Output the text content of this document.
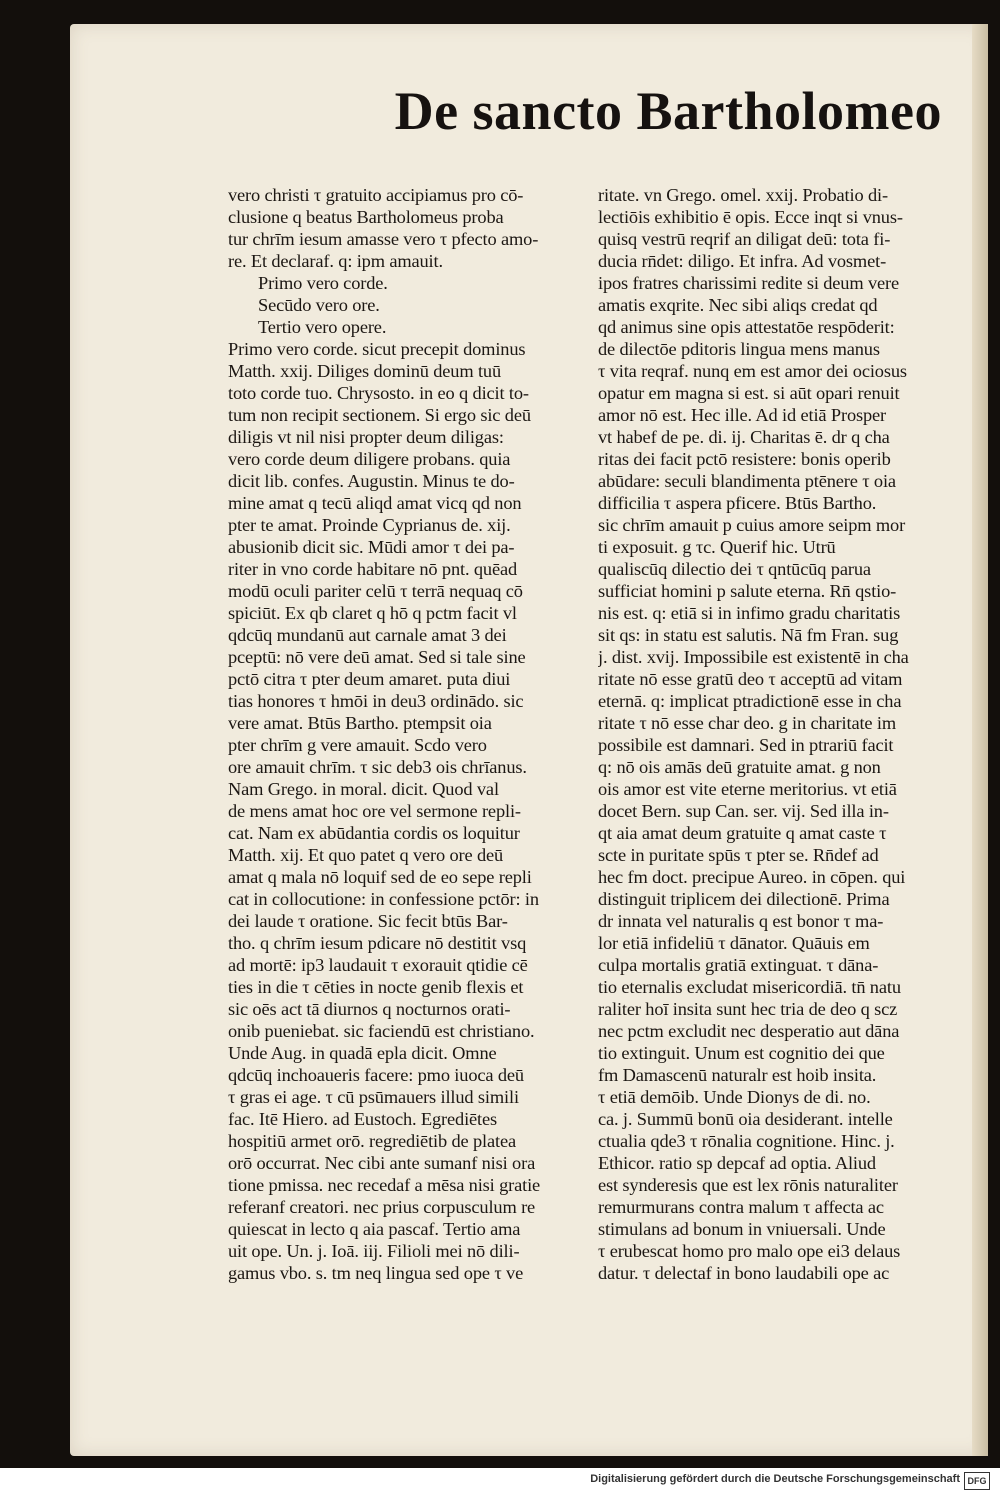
De sancto Bartholomeo
vero christi τ gratuito accipiamus pro cō-
clusione q beatus Bartholomeus proba
tur chrīm iesum amasse vero τ pfecto amo-
re. Et declaraf. q: ipm amauit.
Primo vero corde.
Secūdo vero ore.
Tertio vero opere.
Primo vero corde. sicut precepit dominus
Matth. xxij. Diliges dominū deum tuū
toto corde tuo. Chrysosto. in eo q dicit to-
tum non recipit sectionem. Si ergo sic deū
diligis vt nil nisi propter deum diligas:
vero corde deum diligere probans. quia
dicit lib. confes. Augustin. Minus te do-
mine amat q tecū aliqd amat vicq qd non
pter te amat. Proinde Cyprianus de. xij.
abusionib dicit sic. Mūdi amor τ dei pa-
riter in vno corde habitare nō pnt. quēad
modū oculi pariter celū τ terrā nequaq cō
spiciūt. Ex qb claret q hō q pctm facit vl
qdcūq mundanū aut carnale amat 3 dei
pceptū: nō vere deū amat. Sed si tale sine
pctō citra τ pter deum amaret. puta diui
tias honores τ hmōi in deu3 ordinādo. sic
vere amat. Btūs Bartho. ptempsit oia
pter chrīm g vere amauit. Scdo vero
ore amauit chrīm. τ sic deb3 ois chrīanus.
Nam Grego. in moral. dicit. Quod val
de mens amat hoc ore vel sermone repli-
cat. Nam ex abūdantia cordis os loquitur
Matth. xij. Et quo patet q vero ore deū
amat q mala nō loquif sed de eo sepe repli
cat in collocutione: in confessione pctōr: in
dei laude τ oratione. Sic fecit btūs Bar-
tho. q chrīm iesum pdicare nō destitit vsq
ad mortē: ip3 laudauit τ exorauit qtidie cē
ties in die τ cēties in nocte genib flexis et
sic oēs act tā diurnos q nocturnos orati-
onib pueniebat. sic faciendū est christiano.
Unde Aug. in quadā epla dicit. Omne
qdcūq inchoaueris facere: pmo iuoca deū
τ gras ei age. τ cū psūmauers illud simili
fac. Itē Hiero. ad Eustoch. Egrediētes
hospitiū armet orō. regrediētib de platea
orō occurrat. Nec cibi ante sumanf nisi ora
tione pmissa. nec recedaf a mēsa nisi gratie
referanf creatori. nec prius corpusculum re
quiescat in lecto q aia pascaf. Tertio ama
uit ope. Un. j. Ioā. iij. Filioli mei nō dili-
gamus vbo. s. tm neq lingua sed ope τ ve
ritate. vn Grego. omel. xxij. Probatio di-
lectiōis exhibitio ē opis. Ecce inqt si vnus-
quisq vestrū reqrif an diligat deū: tota fi-
ducia rn̄det: diligo. Et infra. Ad vosmet-
ipos fratres charissimi redite si deum vere
amatis exqrite. Nec sibi aliqs credat qd
qd animus sine opis attestatōe respōderit:
de dilectōe pditoris lingua mens manus
τ vita reqraf. nunq em est amor dei ociosus
opatur em magna si est. si aūt opari renuit
amor nō est. Hec ille. Ad id etiā Prosper
vt habef de pe. di. ij. Charitas ē. dr q cha
ritas dei facit pctō resistere: bonis operib
abūdare: seculi blandimenta ptēnere τ oia
difficilia τ aspera pficere. Btūs Bartho.
sic chrīm amauit p cuius amore seipm mor
ti exposuit. g τc. Querif hic. Utrū
qualiscūq dilectio dei τ qntūcūq parua
sufficiat homini p salute eterna. Rn̄ qstio-
nis est. q: etiā si in infimo gradu charitatis
sit qs: in statu est salutis. Nā fm Fran. sug
j. dist. xvij. Impossibile est existentē in cha
ritate nō esse gratū deo τ acceptū ad vitam
eternā. q: implicat ptradictionē esse in cha
ritate τ nō esse char deo. g in charitate im
possibile est damnari. Sed in ptrariū facit
q: nō ois amās deū gratuite amat. g non
ois amor est vite eterne meritorius. vt etiā
docet Bern. sup Can. ser. vij. Sed illa in-
qt aia amat deum gratuite q amat caste τ
scte in puritate spūs τ pter se. Rn̄def ad
hec fm doct. precipue Aureo. in cōpen. qui
distinguit triplicem dei dilectionē. Prima
dr innata vel naturalis q est bonor τ ma-
lor etiā infideliū τ dānator. Quāuis em
culpa mortalis gratiā extinguat. τ dāna-
tio eternalis excludat misericordiā. tn̄ natu
raliter hoī insita sunt hec tria de deo q scz
nec pctm excludit nec desperatio aut dāna
tio extinguit. Unum est cognitio dei que
fm Damascenū naturalr est hoib insita.
τ etiā demōib. Unde Dionys de di. no.
ca. j. Summū bonū oia desiderant. intelle
ctualia qde3 τ rōnalia cognitione. Hinc. j.
Ethicor. ratio sp depcaf ad optia. Aliud
est synderesis que est lex rōnis naturaliter
remurmurans contra malum τ affecta ac
stimulans ad bonum in vniuersali. Unde
τ erubescat homo pro malo ope ei3 delaus
datur. τ delectaf in bono laudabili ope ac
Digitalisierung gefördert durch die Deutsche Forschungsgemeinschaft DFG
